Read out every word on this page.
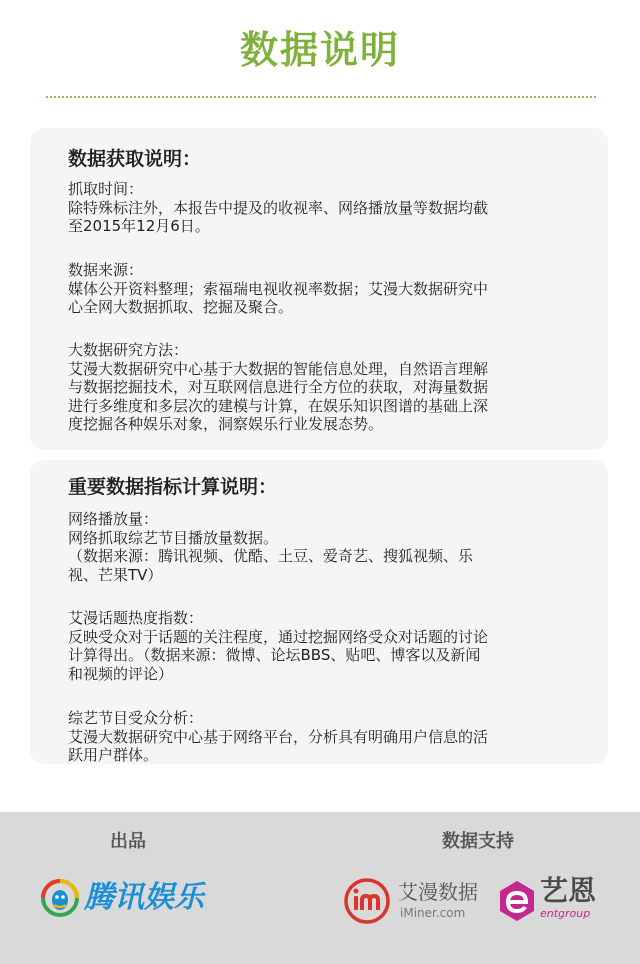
数据说明
数据获取说明：
抓取时间：
除特殊标注外，本报告中提及的收视率、网络播放量等数据均截
至2015年12月6日。
数据来源：
媒体公开资料整理；索福瑞电视收视率数据；艾漫大数据研究中
心全网大数据抓取、挖掘及聚合。
大数据研究方法：
艾漫大数据研究中心基于大数据的智能信息处理，自然语言理解
与数据挖掘技术，对互联网信息进行全方位的获取，对海量数据
进行多维度和多层次的建模与计算，在娱乐知识图谱的基础上深
度挖掘各种娱乐对象，洞察娱乐行业发展态势。
重要数据指标计算说明：
网络播放量：
网络抓取综艺节目播放量数据。
（数据来源：腾讯视频、优酷、土豆、爱奇艺、搜狐视频、乐
视、芒果TV）
艾漫话题热度指数：
反映受众对于话题的关注程度，通过挖掘网络受众对话题的讨论
计算得出。（数据来源：微博、论坛BBS、贴吧、博客以及新闻
和视频的评论）
综艺节目受众分析：
艾漫大数据研究中心基于网络平台，分析具有明确用户信息的活
跃用户群体。
出品	数据支持
腾讯娱乐	艾漫数据
iMiner.com
艺恩
entgroup
